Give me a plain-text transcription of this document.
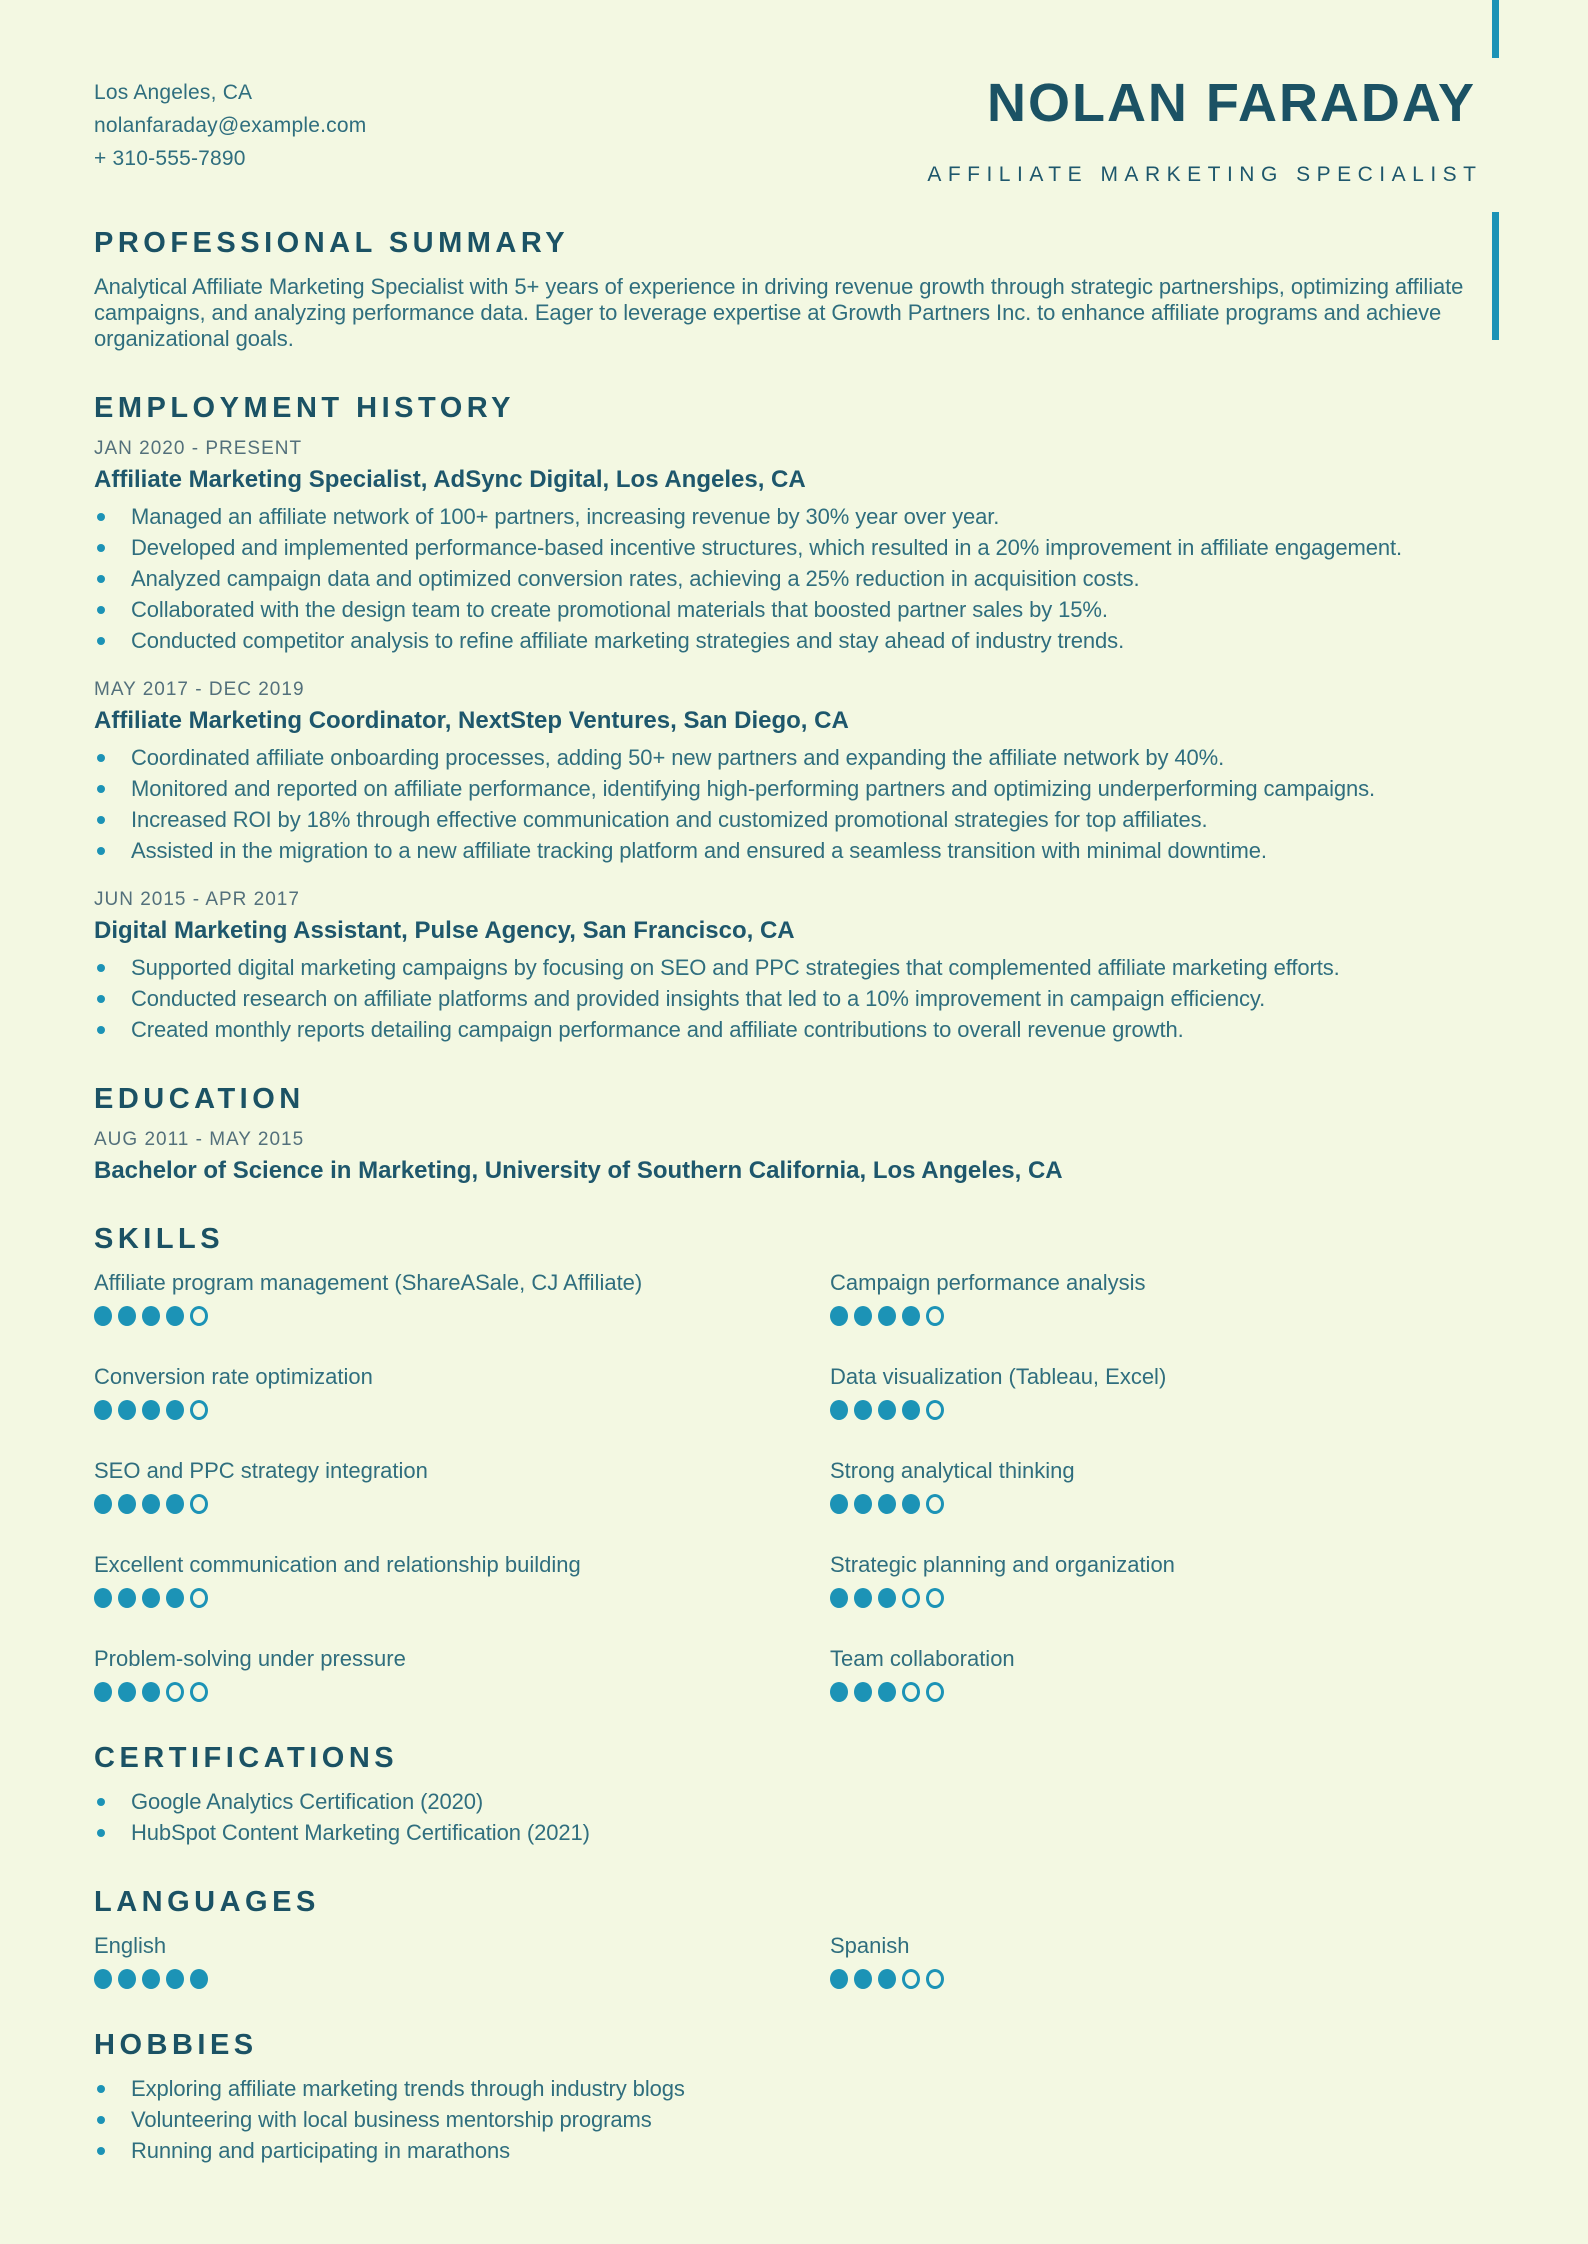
Los Angeles, CA
nolanfaraday@example.com
+ 310-555-7890
NOLAN FARADAY
AFFILIATE MARKETING SPECIALIST
PROFESSIONAL SUMMARY

Analytical Affiliate Marketing Specialist with 5+ years of experience in driving revenue growth through strategic partnerships, optimizing affiliate campaigns, and analyzing performance data. Eager to leverage expertise at Growth Partners Inc. to enhance affiliate programs and achieve organizational goals.

EMPLOYMENT HISTORY
JAN 2020 - PRESENT
Affiliate Marketing Specialist, AdSync Digital, Los Angeles, CA
Managed an affiliate network of 100+ partners, increasing revenue by 30% year over year.
Developed and implemented performance-based incentive structures, which resulted in a 20% improvement in affiliate engagement.
Analyzed campaign data and optimized conversion rates, achieving a 25% reduction in acquisition costs.
Collaborated with the design team to create promotional materials that boosted partner sales by 15%.
Conducted competitor analysis to refine affiliate marketing strategies and stay ahead of industry trends.
MAY 2017 - DEC 2019
Affiliate Marketing Coordinator, NextStep Ventures, San Diego, CA
Coordinated affiliate onboarding processes, adding 50+ new partners and expanding the affiliate network by 40%.
Monitored and reported on affiliate performance, identifying high-performing partners and optimizing underperforming campaigns.
Increased ROI by 18% through effective communication and customized promotional strategies for top affiliates.
Assisted in the migration to a new affiliate tracking platform and ensured a seamless transition with minimal downtime.
JUN 2015 - APR 2017
Digital Marketing Assistant, Pulse Agency, San Francisco, CA
Supported digital marketing campaigns by focusing on SEO and PPC strategies that complemented affiliate marketing efforts.
Conducted research on affiliate platforms and provided insights that led to a 10% improvement in campaign efficiency.
Created monthly reports detailing campaign performance and affiliate contributions to overall revenue growth.
EDUCATION
AUG 2011 - MAY 2015
Bachelor of Science in Marketing, University of Southern California, Los Angeles, CA
SKILLS
Affiliate program management (ShareASale, CJ Affiliate)	Campaign performance analysis
Conversion rate optimization	Data visualization (Tableau, Excel)
SEO and PPC strategy integration	Strong analytical thinking
Excellent communication and relationship building	Strategic planning and organization
Problem-solving under pressure	Team collaboration
CERTIFICATIONS
Google Analytics Certification (2020)
HubSpot Content Marketing Certification (2021)
LANGUAGES
English	Spanish
HOBBIES
Exploring affiliate marketing trends through industry blogs
Volunteering with local business mentorship programs
Running and participating in marathons
